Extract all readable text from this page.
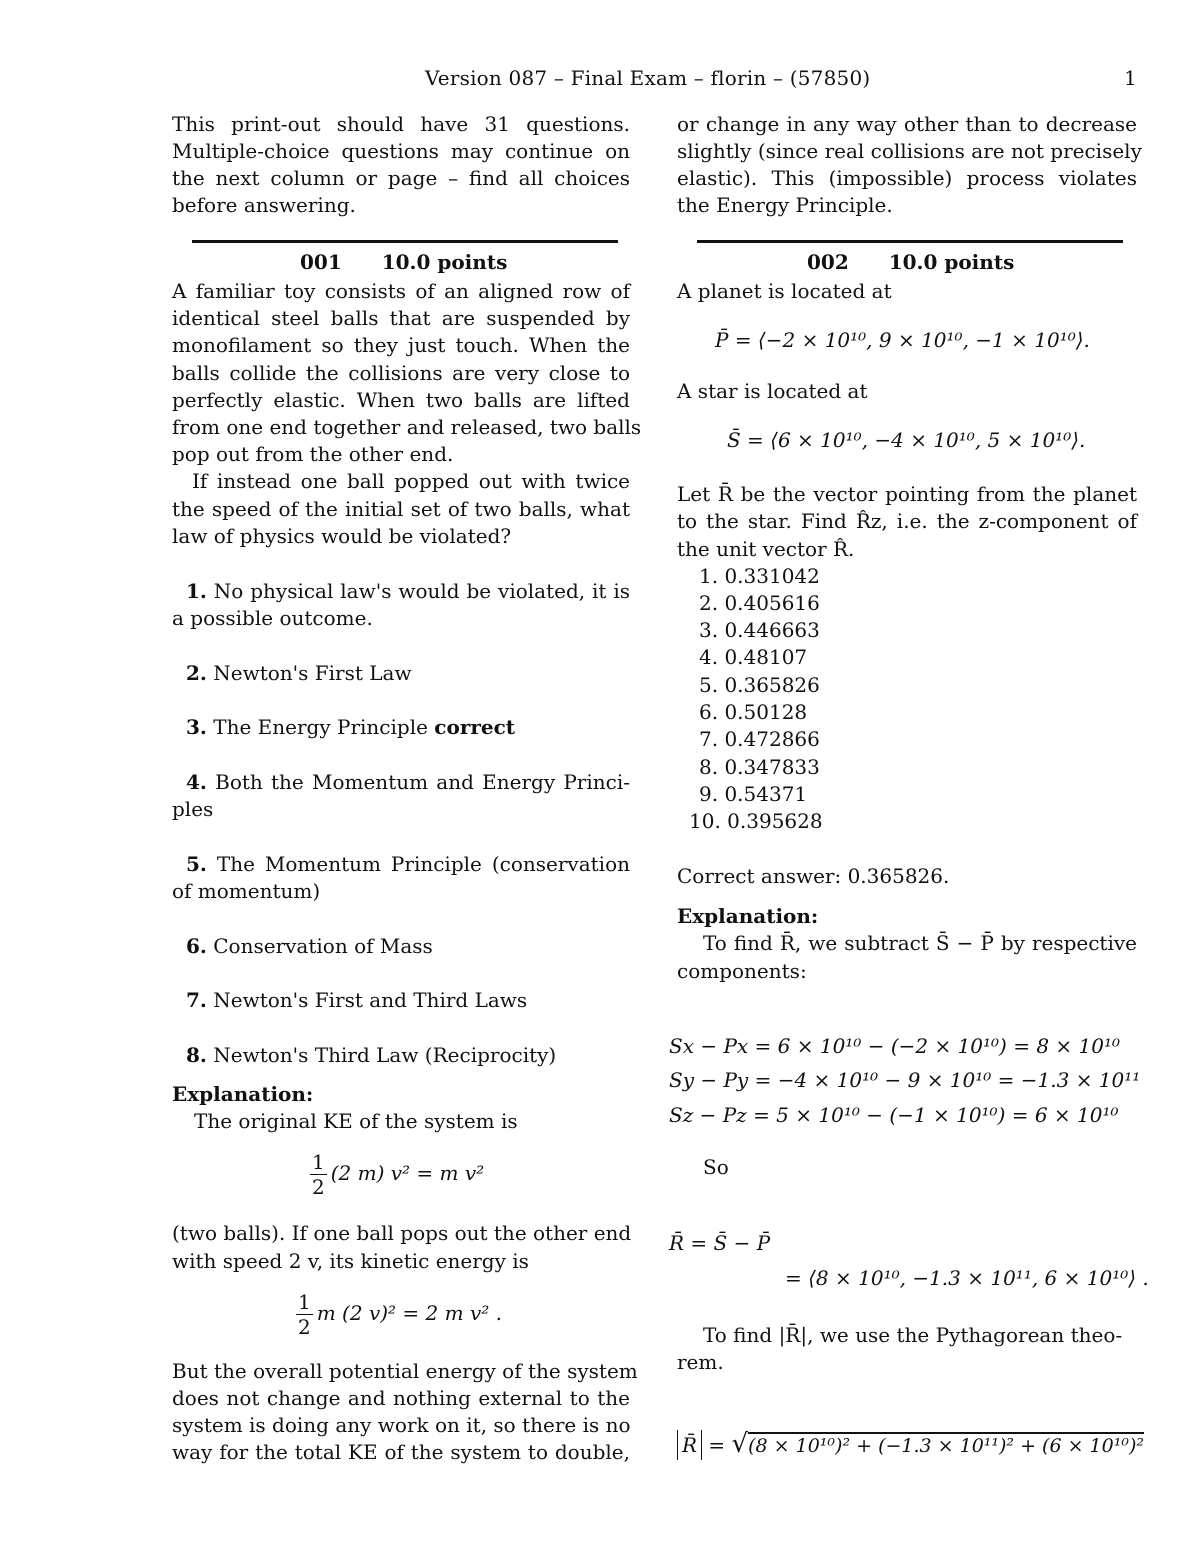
Version 087 – Final Exam – florin – (57850)	1
This print-out should have 31 questions.
Multiple-choice questions may continue on
the next column or page – find all choices
before answering.
001 10.0 points
A familiar toy consists of an aligned row of
identical steel balls that are suspended by
monofilament so they just touch. When the
balls collide the collisions are very close to
perfectly elastic. When two balls are lifted
from one end together and released, two balls
pop out from the other end.
If instead one ball popped out with twice
the speed of the initial set of two balls, what
law of physics would be violated?
1. No physical law's would be violated, it is
a possible outcome.
2. Newton's First Law
3. The Energy Principle correct
4. Both the Momentum and Energy Princi-
ples
5. The Momentum Principle (conservation
of momentum)
6. Conservation of Mass
7. Newton's First and Third Laws
8. Newton's Third Law (Reciprocity)
Explanation:
The original KE of the system is
$\frac{1}{2} (2$ m) v² = m v²
(two balls). If one ball pops out the other end
with speed 2 v, its kinetic energy is
$\frac{1}{2}$ m (2 v)² = 2 m v² .
But the overall potential energy of the system
does not change and nothing external to the
system is doing any work on it, so there is no
way for the total KE of the system to double,
or change in any way other than to decrease
slightly (since real collisions are not precisely
elastic). This (impossible) process violates
the Energy Principle.
002 10.0 points
A planet is located at
P̄ = ⟨−2 × 10¹⁰, 9 × 10¹⁰, −1 × 10¹⁰⟩.
A star is located at
S̄ = ⟨6 × 10¹⁰, −4 × 10¹⁰, 5 × 10¹⁰⟩.
Let R̄ be the vector pointing from the planet
to the star. Find R̂z, i.e. the z-component of
the unit vector R̂.
1. 0.331042
2. 0.405616
3. 0.446663
4. 0.48107
5. 0.365826
6. 0.50128
7. 0.472866
8. 0.347833
9. 0.54371
10. 0.395628
Correct answer: 0.365826.
Explanation:
To find R̄, we subtract S̄ − P̄ by respective
components:
Sx − Px = 6 × 10¹⁰ − (−2 × 10¹⁰) = 8 × 10¹⁰
Sy − Py = −4 × 10¹⁰ − 9 × 10¹⁰ = −1.3 × 10¹¹
Sz − Pz = 5 × 10¹⁰ − (−1 × 10¹⁰) = 6 × 10¹⁰
So
R̄ = S̄ − P̄
= ⟨8 × 10¹⁰, −1.3 × 10¹¹, 6 × 10¹⁰⟩ .
To find |R̄|, we use the Pythagorean theo-
rem.
R̄ = √(8 × 10¹⁰)² + (−1.3 × 10¹¹)² + (6 × 10¹⁰)²
